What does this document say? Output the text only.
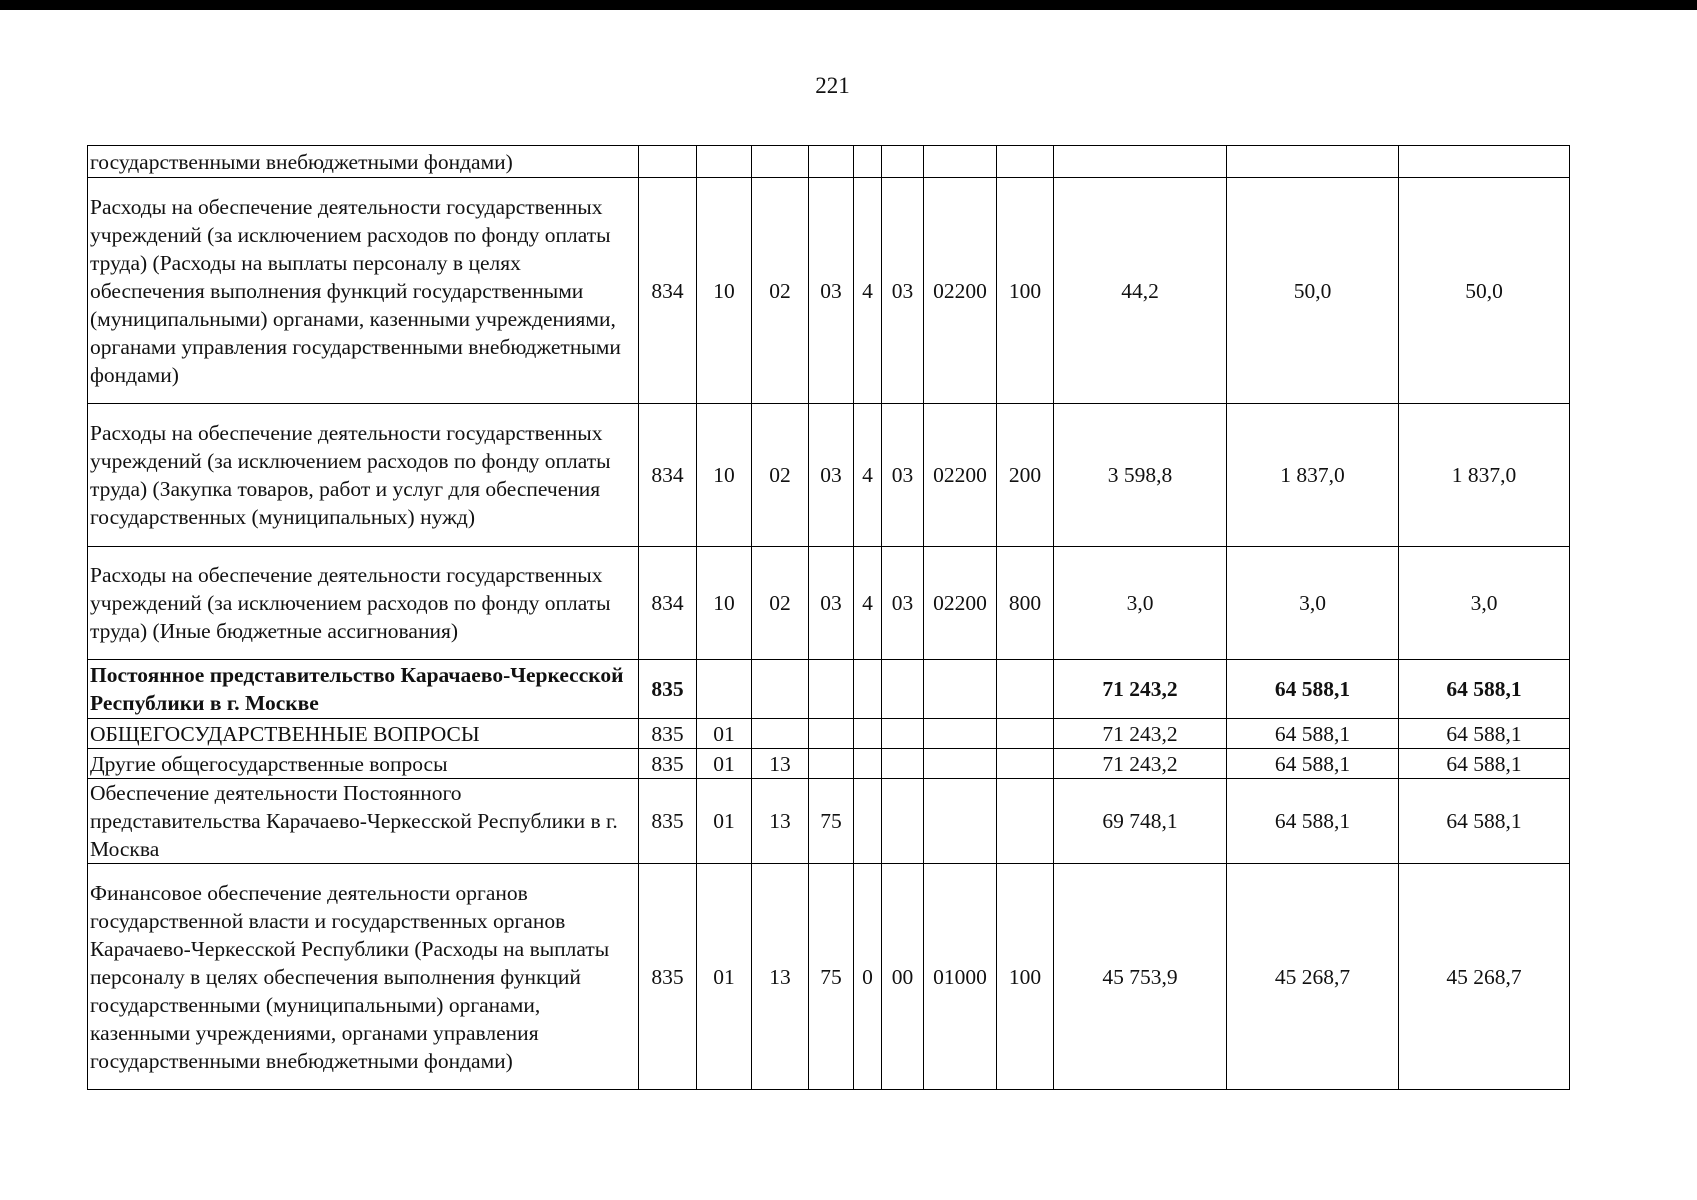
221
государственными внебюджетными фондами)											
Расходы на обеспечение деятельности государственных учреждений (за исключением расходов по фонду оплаты труда) (Расходы на выплаты персоналу в целях обеспечения выполнения функций государственными (муниципальными) органами, казенными учреждениями, органами управления государственными внебюджетными фондами)	834	10	02	03	4	03	02200	100	44,2	50,0	50,0
Расходы на обеспечение деятельности государственных учреждений (за исключением расходов по фонду оплаты труда) (Закупка товаров, работ и услуг для обеспечения государственных (муниципальных) нужд)	834	10	02	03	4	03	02200	200	3 598,8	1 837,0	1 837,0
Расходы на обеспечение деятельности государственных учреждений (за исключением расходов по фонду оплаты труда) (Иные бюджетные ассигнования)	834	10	02	03	4	03	02200	800	3,0	3,0	3,0
Постоянное представительство Карачаево-Черкесской Республики в г. Москве	835								71 243,2	64 588,1	64 588,1
ОБЩЕГОСУДАРСТВЕННЫЕ ВОПРОСЫ	835	01							71 243,2	64 588,1	64 588,1
Другие общегосударственные вопросы	835	01	13						71 243,2	64 588,1	64 588,1
Обеспечение деятельности Постоянного представительства Карачаево-Черкесской Республики в г. Москва	835	01	13	75					69 748,1	64 588,1	64 588,1
Финансовое обеспечение деятельности органов государственной власти и государственных органов Карачаево-Черкесской Республики (Расходы на выплаты персоналу в целях обеспечения выполнения функций государственными (муниципальными) органами, казенными учреждениями, органами управления государственными внебюджетными фондами)	835	01	13	75	0	00	01000	100	45 753,9	45 268,7	45 268,7
